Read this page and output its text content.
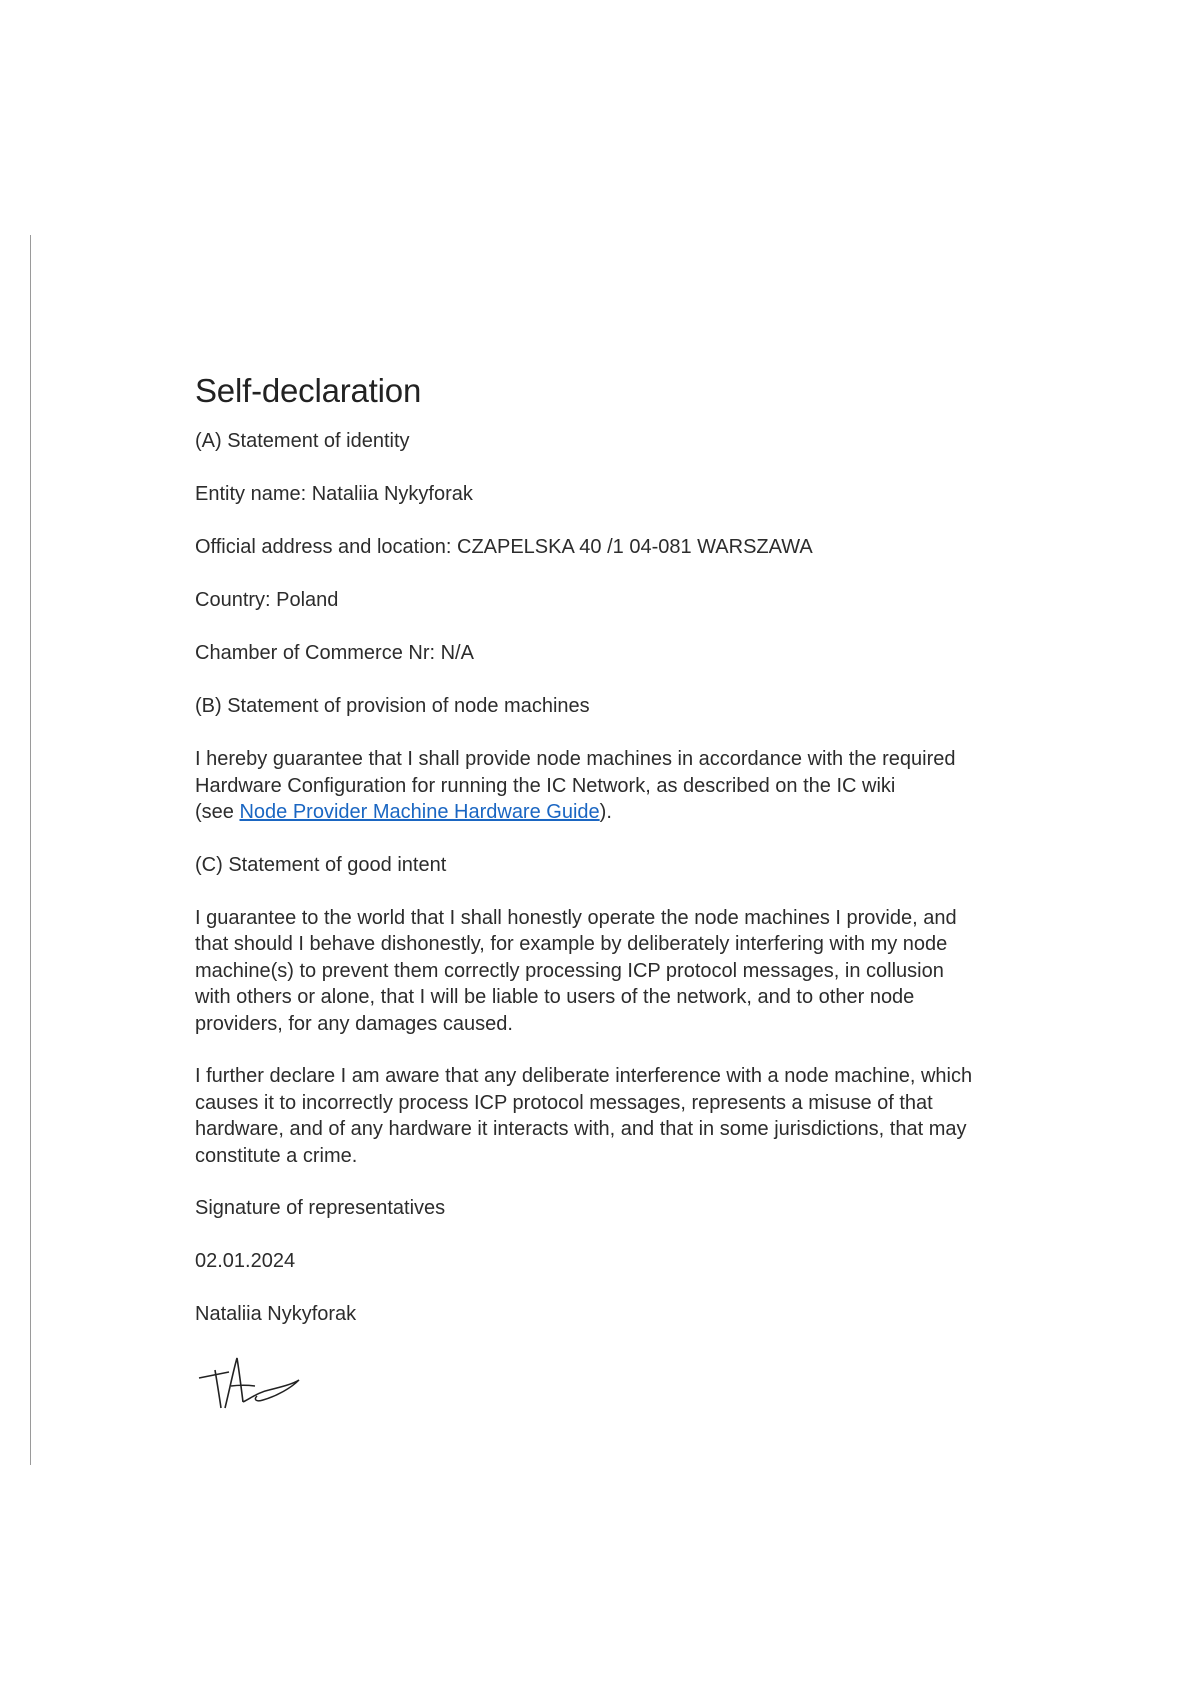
Self-declaration

(A) Statement of identity

Entity name: Nataliia Nykyforak

Official address and location: CZAPELSKA 40 /1 04-081 WARSZAWA

Country: Poland

Chamber of Commerce Nr: N/A

(B) Statement of provision of node machines

I hereby guarantee that I shall provide node machines in accordance with the required
Hardware Configuration for running the IC Network, as described on the IC wiki
(see Node Provider Machine Hardware Guide).

(C) Statement of good intent

I guarantee to the world that I shall honestly operate the node machines I provide, and
that should I behave dishonestly, for example by deliberately interfering with my node
machine(s) to prevent them correctly processing ICP protocol messages, in collusion
with others or alone, that I will be liable to users of the network, and to other node
providers, for any damages caused.
I further declare I am aware that any deliberate interference with a node machine, which
causes it to incorrectly process ICP protocol messages, represents a misuse of that
hardware, and of any hardware it interacts with, and that in some jurisdictions, that may
constitute a crime.

Signature of representatives

02.01.2024

Nataliia Nykyforak
